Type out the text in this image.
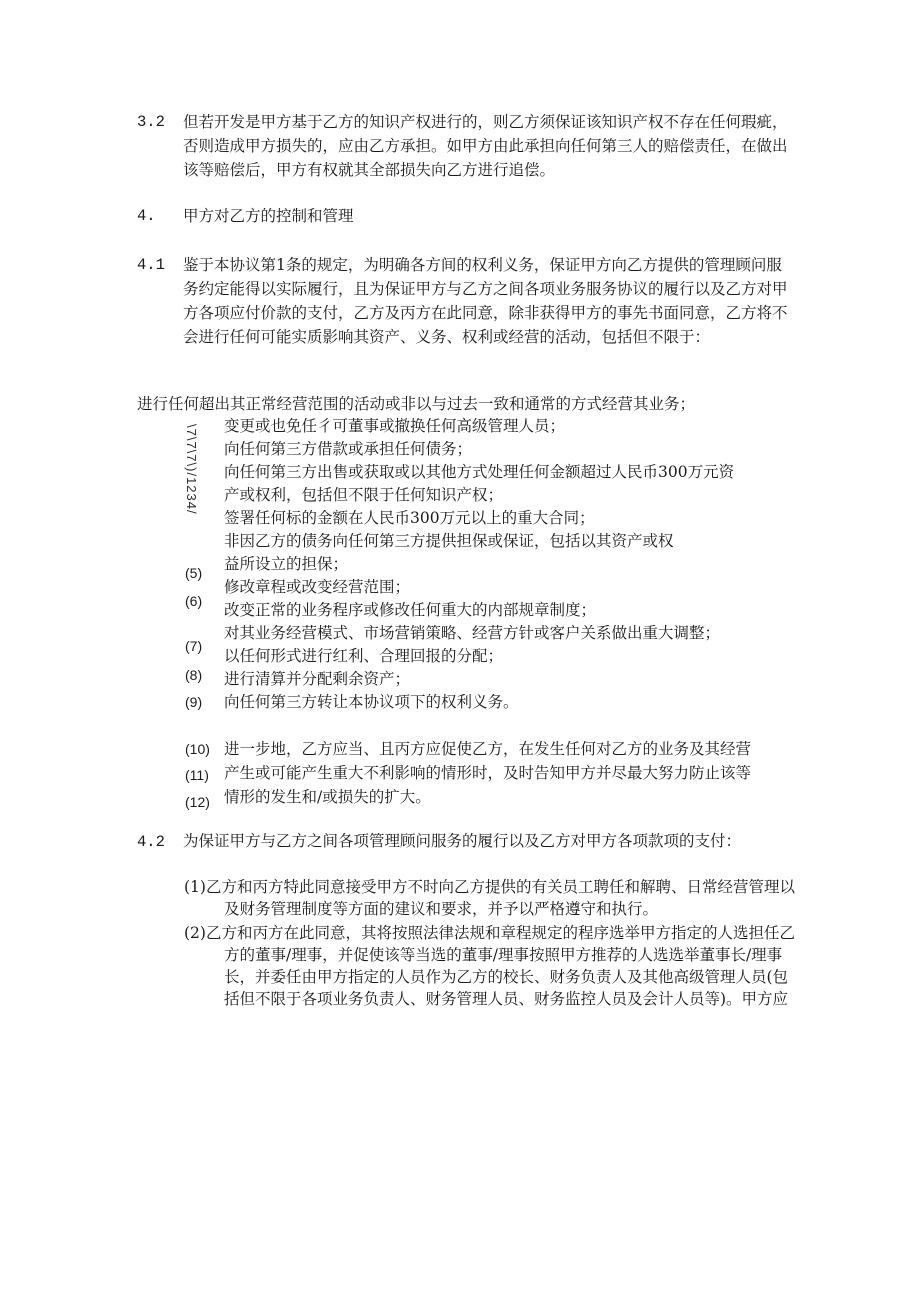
3.2	但若开发是甲方基于乙方的知识产权进行的，则乙方须保证该知识产权不存在任何瑕疵，否则造成甲方损失的，应由乙方承担。如甲方由此承担向任何第三人的赔偿责任，在做出该等赔偿后，甲方有权就其全部损失向乙方进行追偿。
4.	甲方对乙方的控制和管理
4.1	鉴于本协议第1条的规定，为明确各方间的权利义务，保证甲方向乙方提供的管理顾问服务约定能得以实际履行，且为保证甲方与乙方之间各项业务服务协议的履行以及乙方对甲方各项应付价款的支付，乙方及丙方在此同意，除非获得甲方的事先书面同意，乙方将不会进行任何可能实质影响其资产、义务、权利或经营的活动，包括但不限于：
进行任何超出其正常经营范围的活动或非以与过去一致和通常的方式经营其业务；
\7\7\7\)/1234/ 变更或也免任彳可董事或撤换任何高级管理人员；
向任何第三方借款或承担任何债务；
向任何第三方出售或获取或以其他方式处理任何金额超过人民币300万元资
产或权利，包括但不限于任何知识产权；
签署任何标的金额在人民币300万元以上的重大合同；
非因乙方的债务向任何第三方提供担保或保证，包括以其资产或权
益所设立的担保；
修改章程或改变经营范围；
改变正常的业务程序或修改任何重大的内部规章制度；
对其业务经营模式、市场营销策略、经营方针或客户关系做出重大调整；
以任何形式进行红利、合理回报的分配；
进行清算并分配剩余资产；
向任何第三方转让本协议项下的权利义务。
(5)
(6)
(7)
(8)
(9)
(10)
(11)
(12)
进一步地，乙方应当、且丙方应促使乙方，在发生任何对乙方的业务及其经营
产生或可能产生重大不利影响的情形时，及时告知甲方并尽最大努力防止该等
情形的发生和/或损失的扩大。
4.2	为保证甲方与乙方之间各项管理顾问服务的履行以及乙方对甲方各项款项的支付：
(1)乙方和丙方特此同意接受甲方不时向乙方提供的有关员工聘任和解聘、日常经营管理以及财务管理制度等方面的建议和要求，并予以严格遵守和执行。
(2)乙方和丙方在此同意，其将按照法律法规和章程规定的程序选举甲方指定的人选担任乙方的董事/理事，并促使该等当选的董事/理事按照甲方推荐的人选选举董事长/理事长，并委任由甲方指定的人员作为乙方的校长、财务负责人及其他高级管理人员(包括但不限于各项业务负责人、财务管理人员、财务监控人员及会计人员等)。甲方应
